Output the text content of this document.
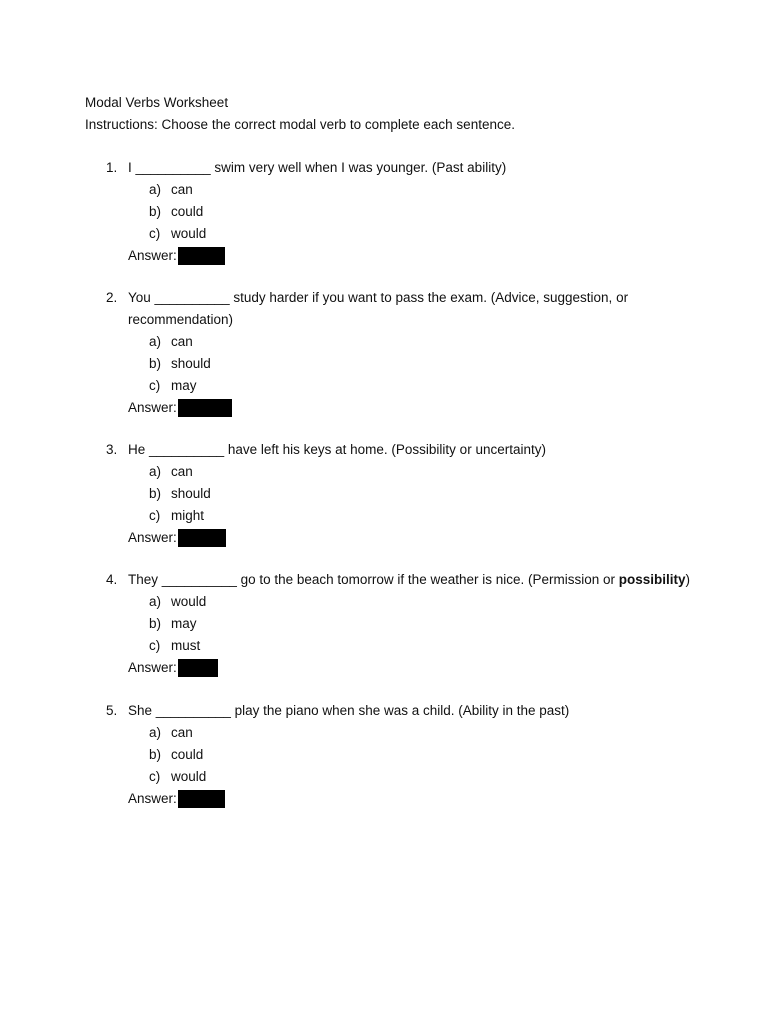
Modal Verbs Worksheet
Instructions: Choose the correct modal verb to complete each sentence.
1. I __________ swim very well when I was younger. (Past ability)
a) can
b) could
c) would
Answer:
2. You __________ study harder if you want to pass the exam. (Advice, suggestion, or
recommendation)
a) can
b) should
c) may
Answer:
3. He __________ have left his keys at home. (Possibility or uncertainty)
a) can
b) should
c) might
Answer:
4. They __________ go to the beach tomorrow if the weather is nice. (Permission or possibility)
a) would
b) may
c) must
Answer:
5. She __________ play the piano when she was a child. (Ability in the past)
a) can
b) could
c) would
Answer:
